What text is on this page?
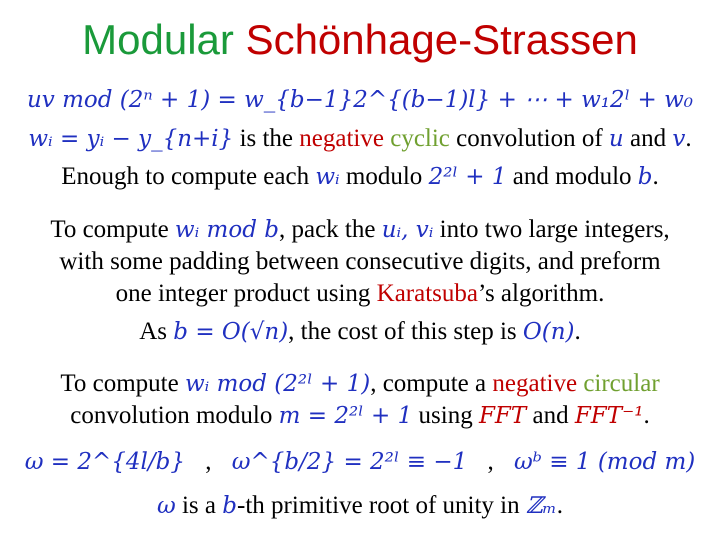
Modular Schönhage-Strassen
uv mod (2ⁿ + 1) = w_{b−1}2^{(b−1)l} + ⋯ + w₁2ˡ + w₀
wᵢ = yᵢ − y_{n+i} is the negative cyclic convolution of u and v.
Enough to compute each wᵢ modulo 2²ˡ + 1 and modulo b.
To compute wᵢ mod b, pack the uᵢ, vᵢ into two large integers,
with some padding between consecutive digits, and preform
one integer product using Karatsuba’s algorithm.
As b = O(√n), the cost of this step is O(n).
To compute wᵢ mod (2²ˡ + 1), compute a negative circular
convolution modulo m = 2²ˡ + 1 using FFT and FFT⁻¹.
ω = 2^{4l/b} , ω^{b/2} = 2²ˡ ≡ −1 , ωᵇ ≡ 1 (mod m)
ω is a b-th primitive root of unity in ℤₘ.
